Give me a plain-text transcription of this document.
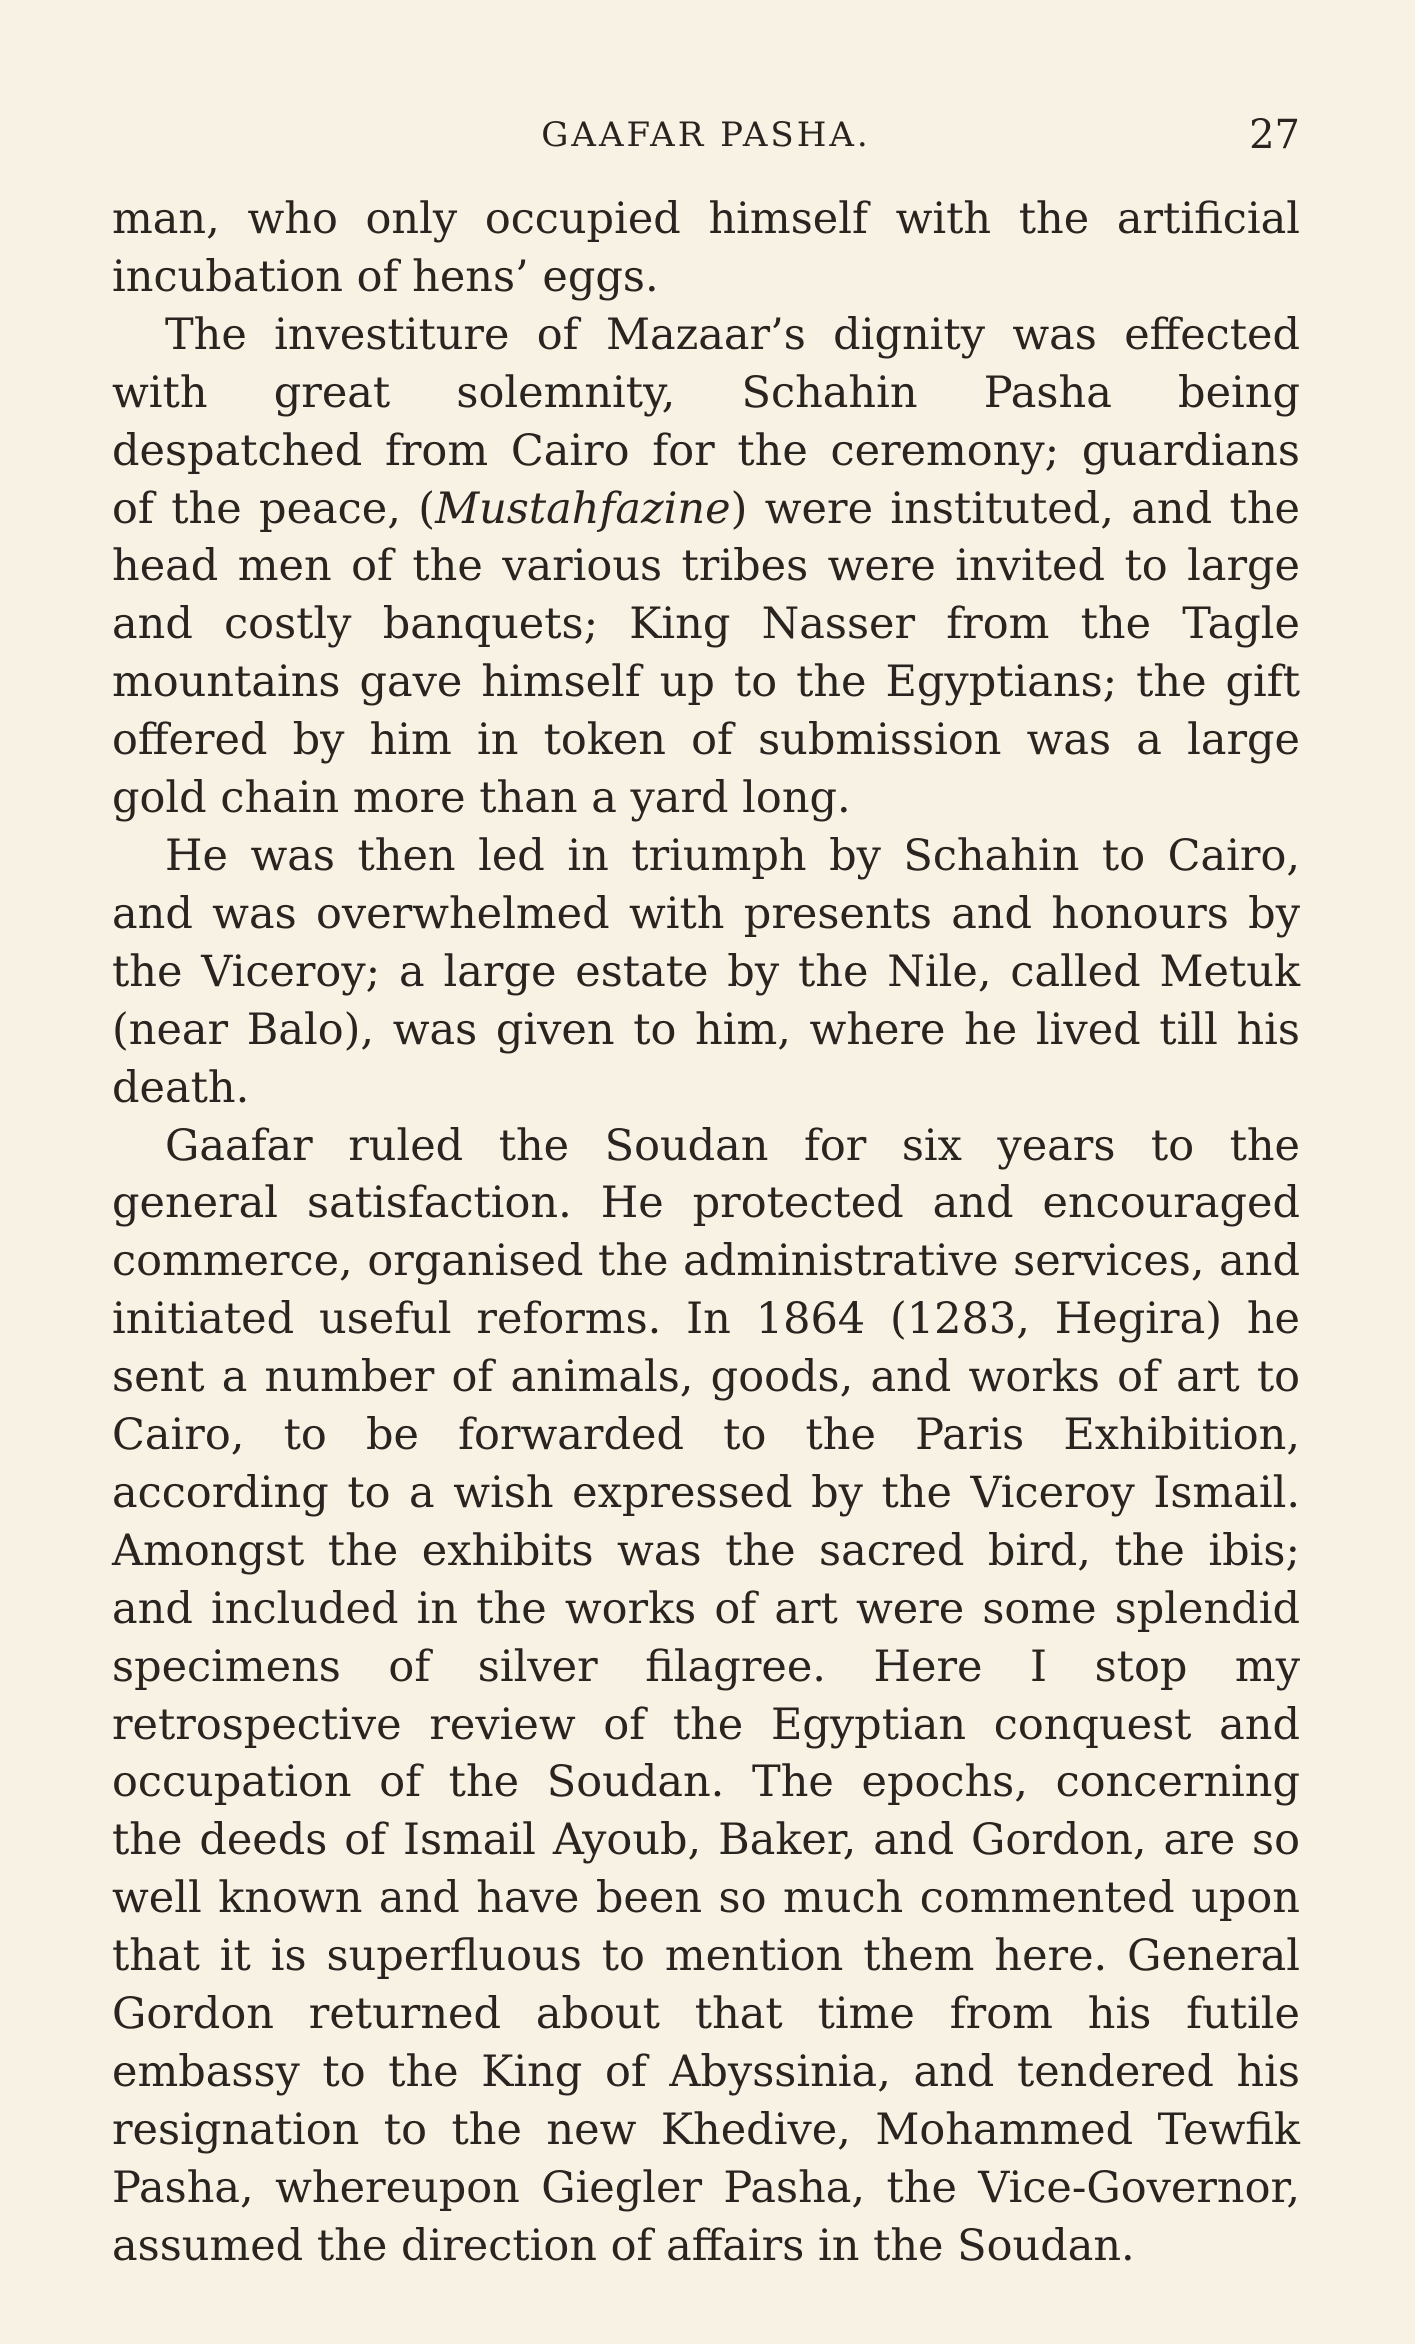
GAAFAR PASHA.	27

man, who only occupied himself with the artificial incubation of hens’ eggs.

The investiture of Mazaar’s dignity was effected with great solemnity, Schahin Pasha being despatched from Cairo for the ceremony; guardians of the peace, (Mustahfazine) were instituted, and the head men of the various tribes were invited to large and costly banquets; King Nasser from the Tagle mountains gave himself up to the Egyptians; the gift offered by him in token of submission was a large gold chain more than a yard long.

He was then led in triumph by Schahin to Cairo, and was overwhelmed with presents and honours by the Viceroy; a large estate by the Nile, called Metuk (near Balo), was given to him, where he lived till his death.

Gaafar ruled the Soudan for six years to the general satisfaction. He protected and encouraged commerce, organised the administrative services, and initiated useful reforms. In 1864 (1283, Hegira) he sent a number of animals, goods, and works of art to Cairo, to be forwarded to the Paris Exhibition, according to a wish expressed by the Viceroy Ismail. Amongst the exhibits was the sacred bird, the ibis; and included in the works of art were some splendid specimens of silver filagree. Here I stop my retrospective review of the Egyptian conquest and occupation of the Soudan. The epochs, concerning the deeds of Ismail Ayoub, Baker, and Gordon, are so well known and have been so much commented upon that it is superfluous to mention them here. General Gordon returned about that time from his futile embassy to the King of Abyssinia, and tendered his resignation to the new Khedive, Mohammed Tewfik Pasha, whereupon Giegler Pasha, the Vice-Governor, assumed the direction of affairs in the Soudan.
